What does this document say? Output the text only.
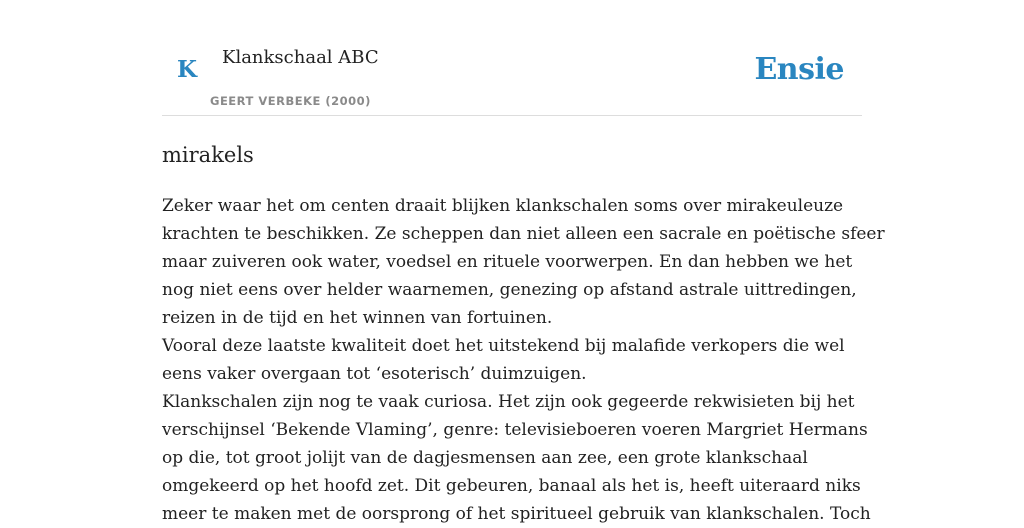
K Klankschaal ABC
GEERT VERBEKE (2000)
Ensie
mirakels
Zeker waar het om centen draait blijken klankschalen soms over mirakeuleuze
krachten te beschikken. Ze scheppen dan niet alleen een sacrale en poëtische sfeer
maar zuiveren ook water, voedsel en rituele voorwerpen. En dan hebben we het
nog niet eens over helder waarnemen, genezing op afstand astrale uittredingen,
reizen in de tijd en het winnen van fortuinen.
Vooral deze laatste kwaliteit doet het uitstekend bij malafide verkopers die wel
eens vaker overgaan tot ‘esoterisch’ duimzuigen.
Klankschalen zijn nog te vaak curiosa. Het zijn ook gegeerde rekwisieten bij het
verschijnsel ‘Bekende Vlaming’, genre: televisieboeren voeren Margriet Hermans
op die, tot groot jolijt van de dagjesmensen aan zee, een grote klankschaal
omgekeerd op het hoofd zet. Dit gebeuren, banaal als het is, heeft uiteraard niks
meer te maken met de oorsprong of het spiritueel gebruik van klankschalen. Toch
